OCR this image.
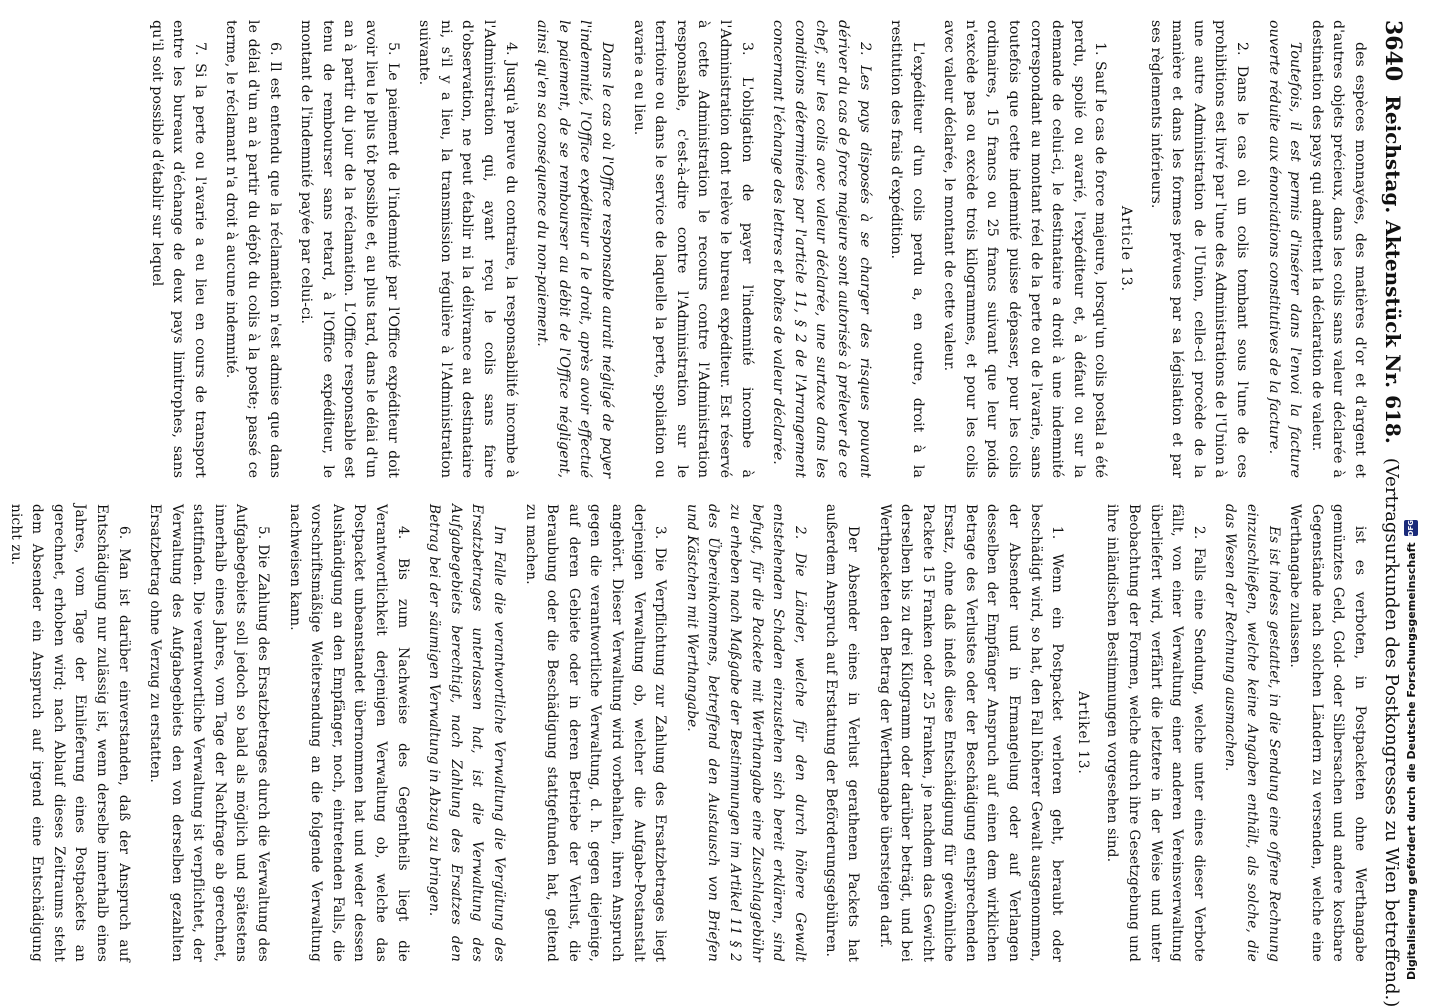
3640
Reichstag. Aktenstück Nr. 618.
(Vertragsurkunden des Postkongresses zu Wien betreffend.)

des espèces monnayées, des matières d'or et d'argent et d'autres objets précieux, dans les colis sans valeur déclarée à destination des pays qui admettent la déclaration de valeur.

Toutefois, il est permis d'insérer dans l'envoi la facture ouverte réduite aux énonciations constitutives de la facture.

2. Dans le cas où un colis tombant sous l'une de ces prohibitions est livré par l'une des Administrations de l'Union à une autre Administration de l'Union, celle-ci procède de la manière et dans les formes prévues par sa législation et par ses règlements intérieurs.

Article 13.

1. Sauf le cas de force majeure, lorsqu'un colis postal a été perdu, spolié ou avarié, l'expéditeur et, à défaut ou sur la demande de celui-ci, le destinataire a droit à une indemnité correspondant au montant réel de la perte ou de l'avarie, sans toutefois que cette indemnité puisse dépasser, pour les colis ordinaires, 15 francs ou 25 francs suivant que leur poids n'excède pas ou excède trois kilogrammes, et pour les colis avec valeur déclarée, le montant de cette valeur.

L'expéditeur d'un colis perdu a, en outre, droit à la restitution des frais d'expédition.

2. Les pays disposés à se charger des risques pouvant dériver du cas de force majeure sont autorisés à prélever de ce chef, sur les colis avec valeur déclarée, une surtaxe dans les conditions déterminées par l'article 11, § 2 de l'Arrangement concernant l'échange des lettres et boîtes de valeur déclarée.

3. L'obligation de payer l'indemnité incombe à l'Administration dont relève le bureau expéditeur. Est réservé à cette Administration le recours contre l'Administration responsable, c'est-à-dire contre l'Administration sur le territoire ou dans le service de laquelle la perte, spoliation ou avarie a eu lieu.

Dans le cas où l'Office responsable aurait négligé de payer l'indemnité, l'Office expéditeur a le droit, après avoir effectué le paiement, de se rembourser au débit de l'Office négligent, ainsi qu'en sa conséquence du non-paiement.

4. Jusqu'à preuve du contraire, la responsabilité incombe à l'Administration qui, ayant reçu le colis sans faire d'observation, ne peut établir ni la délivrance au destinataire ni, s'il y a lieu, la transmission régulière à l'Administration suivante.

5. Le paiement de l'indemnité par l'Office expéditeur doit avoir lieu le plus tôt possible et, au plus tard, dans le délai d'un an à partir du jour de la réclamation. L'Office responsable est tenu de rembourser sans retard, à l'Office expéditeur, le montant de l'indemnité payée par celui-ci.

6. Il est entendu que la réclamation n'est admise que dans le délai d'un an à partir du dépôt du colis à la poste; passé ce terme, le réclamant n'a droit à aucune indemnité.

7. Si la perte ou l'avarie a eu lieu en cours de transport entre les bureaux d'échange de deux pays limitrophes, sans qu'il soit possible d'établir sur lequel

ist es verboten, in Postpacketen ohne Werthangabe gemünztes Geld, Gold- oder Silbersachen und andere kostbare Gegenstände nach solchen Ländern zu versenden, welche eine Werthangabe zulassen.

Es ist indess gestattet, in die Sendung eine offene Rechnung einzuschließen, welche keine Angaben enthält, als solche, die das Wesen der Rechnung ausmachen.

2. Falls eine Sendung, welche unter eines dieser Verbote fällt, von einer Verwaltung einer anderen Vereinsverwaltung überliefert wird, verfährt die letztere in der Weise und unter Beobachtung der Formen, welche durch ihre Gesetzgebung und ihre inländischen Bestimmungen vorgesehen sind.

Artikel 13.

1. Wenn ein Postpacket verloren geht, beraubt oder beschädigt wird, so hat, den Fall höherer Gewalt ausgenommen, der Absender und in Ermangelung oder auf Verlangen desselben der Empfänger Anspruch auf einen dem wirklichen Betrage des Verlustes oder der Beschädigung entsprechenden Ersatz, ohne daß indeß diese Entschädigung für gewöhnliche Packete 15 Franken oder 25 Franken, je nachdem das Gewicht derselben bis zu drei Kilogramm oder darüber beträgt, und bei Werthpacketen den Betrag der Werthangabe übersteigen darf.

Der Absender eines in Verlust gerathenen Packets hat außerdem Anspruch auf Erstattung der Beförderungsgebühren.

2. Die Länder, welche für den durch höhere Gewalt entstehenden Schaden einzustehen sich bereit erklären, sind befugt, für die Packete mit Werthangabe eine Zuschlaggebühr zu erheben nach Maßgabe der Bestimmungen im Artikel 11 § 2 des Übereinkommens, betreffend den Austausch von Briefen und Kästchen mit Werthangabe.

3. Die Verpflichtung zur Zahlung des Ersatzbetrages liegt derjenigen Verwaltung ob, welcher die Aufgabe-Postanstalt angehört. Dieser Verwaltung wird vorbehalten, ihren Anspruch gegen die verantwortliche Verwaltung, d. h. gegen diejenige, auf deren Gebiete oder in deren Betriebe der Verlust, die Beraubung oder die Beschädigung stattgefunden hat, geltend zu machen.

Im Falle die verantwortliche Verwaltung die Vergütung des Ersatzbetrages unterlassen hat, ist die Verwaltung des Aufgabegebiets berechtigt, nach Zahlung des Ersatzes den Betrag bei der säumigen Verwaltung in Abzug zu bringen.

4. Bis zum Nachweise des Gegentheils liegt die Verantwortlichkeit derjenigen Verwaltung ob, welche das Postpacket unbeanstandet übernommen hat und weder dessen Aushändigung an den Empfänger, noch, eintretenden Falls, die vorschriftsmäßige Weitersendung an die folgende Verwaltung nachweisen kann.

5. Die Zahlung des Ersatzbetrages durch die Verwaltung des Aufgabegebiets soll jedoch so bald als möglich und spätestens innerhalb eines Jahres, vom Tage der Nachfrage ab gerechnet, stattfinden. Die verantwortliche Verwaltung ist verpflichtet, der Verwaltung des Aufgabegebiets den von derselben gezahlten Ersatzbetrag ohne Verzug zu erstatten.

6. Man ist darüber einverstanden, daß der Anspruch auf Entschädigung nur zulässig ist, wenn derselbe innerhalb eines Jahres, vom Tage der Einlieferung eines Postpackets an gerechnet, erhoben wird; nach Ablauf dieses Zeitraums steht dem Absender ein Anspruch auf irgend eine Entschädigung nicht zu.

Digitalisierung gefördert durch die Deutsche Forschungsgemeinschaft
DFG
